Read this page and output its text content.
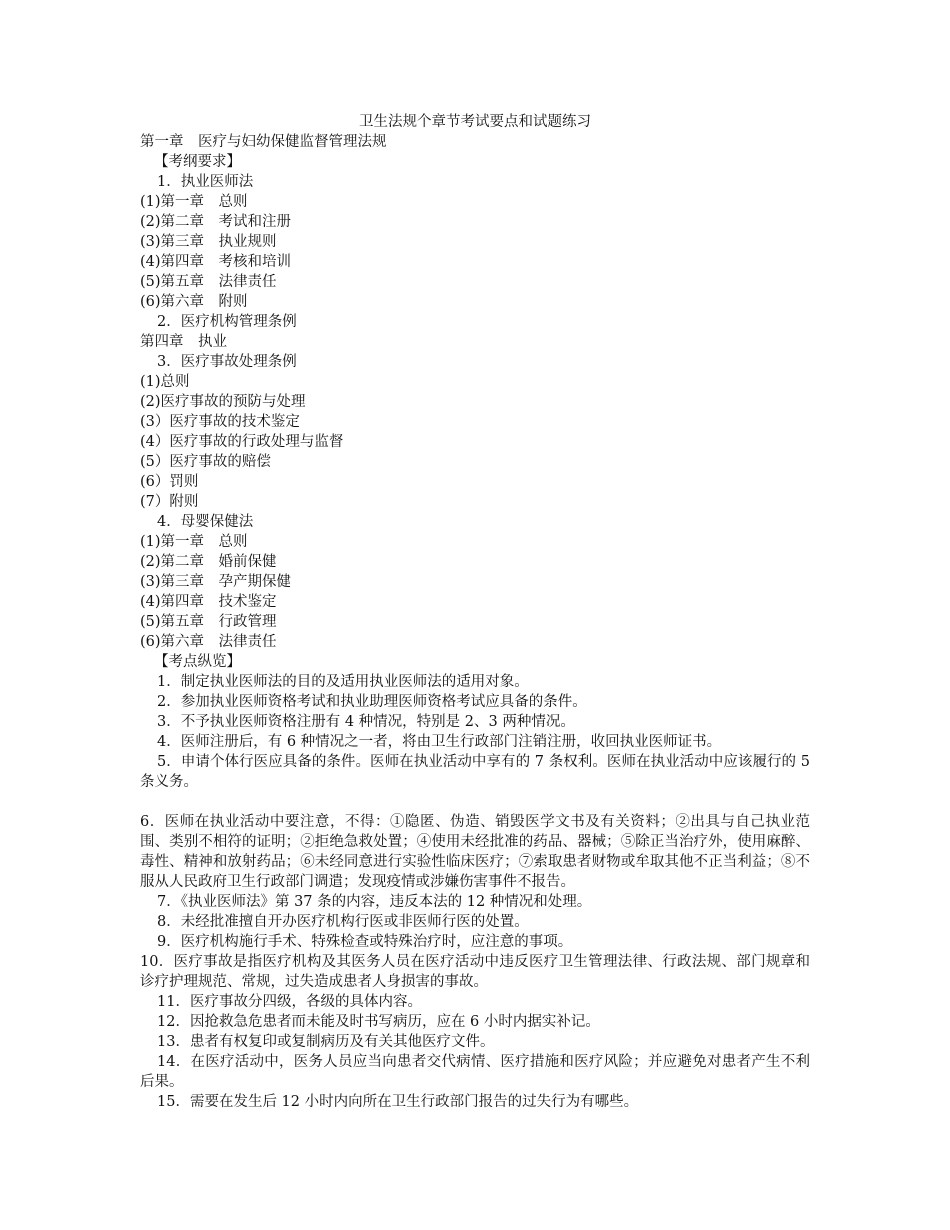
卫生法规个章节考试要点和试题练习

第一章　医疗与妇幼保健监督管理法规

【考纲要求】

1．执业医师法

(1)第一章　总则

(2)第二章　考试和注册

(3)第三章　执业规则

(4)第四章　考核和培训

(5)第五章　法律责任

(6)第六章　附则

2．医疗机构管理条例

第四章　执业

3．医疗事故处理条例

(1)总则

(2)医疗事故的预防与处理

(3）医疗事故的技术鉴定

(4）医疗事故的行政处理与监督

(5）医疗事故的赔偿

(6）罚则

(7）附则

4．母婴保健法

(1)第一章　总则

(2)第二章　婚前保健

(3)第三章　孕产期保健

(4)第四章　技术鉴定

(5)第五章　行政管理

(6)第六章　法律责任

【考点纵览】

1．制定执业医师法的目的及适用执业医师法的适用对象。

2．参加执业医师资格考试和执业助理医师资格考试应具备的条件。

3．不予执业医师资格注册有 4 种情况，特别是 2、3 两种情况。

4．医师注册后，有 6 种情况之一者，将由卫生行政部门注销注册，收回执业医师证书。

5．申请个体行医应具备的条件。医师在执业活动中享有的 7 条权利。医师在执业活动中应该履行的 5 条义务。

6．医师在执业活动中要注意，不得：①隐匿、伪造、销毁医学文书及有关资料；②出具与自己执业范围、类别不相符的证明；②拒绝急救处置；④使用未经批准的药品、器械；⑤除正当治疗外，使用麻醉、毒性、精神和放射药品；⑥未经同意进行实验性临床医疗；⑦索取患者财物或牟取其他不正当利益；⑧不服从人民政府卫生行政部门调遣；发现疫情或涉嫌伤害事件不报告。

7．《执业医师法》第 37 条的内容，违反本法的 12 种情况和处理。

8．未经批准擅自开办医疗机构行医或非医师行医的处置。

9．医疗机构施行手术、特殊检查或特殊治疗时，应注意的事项。

10．医疗事故是指医疗机构及其医务人员在医疗活动中违反医疗卫生管理法律、行政法规、部门规章和诊疗护理规范、常规，过失造成患者人身损害的事故。

11．医疗事故分四级，各级的具体内容。

12．因抢救急危患者而未能及时书写病历，应在 6 小时内据实补记。

13．患者有权复印或复制病历及有关其他医疗文件。

14．在医疗活动中，医务人员应当向患者交代病情、医疗措施和医疗风险；并应避免对患者产生不利后果。

15．需要在发生后 12 小时内向所在卫生行政部门报告的过失行为有哪些。
